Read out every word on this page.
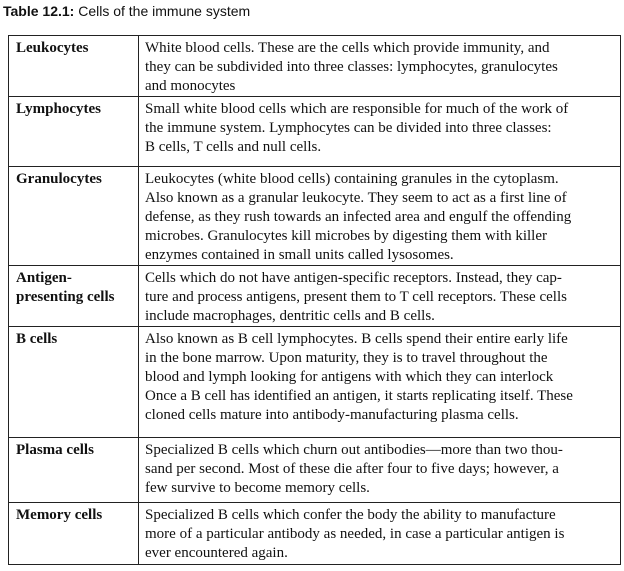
Table 12.1: Cells of the immune system
Leukocytes	White blood cells. These are the cells which provide immunity, and
they can be subdivided into three classes: lymphocytes, granulocytes
and monocytes

Lymphocytes	Small white blood cells which are responsible for much of the work of
the immune system. Lymphocytes can be divided into three classes:
B cells, T cells and null cells.

Granulocytes	Leukocytes (white blood cells) containing granules in the cytoplasm.
Also known as a granular leukocyte. They seem to act as a first line of
defense, as they rush towards an infected area and engulf the offending
microbes. Granulocytes kill microbes by digesting them with killer
enzymes contained in small units called lysosomes.

Antigen-
presenting cells	Cells which do not have antigen-specific receptors. Instead, they cap-
ture and process antigens, present them to T cell receptors. These cells
include macrophages, dentritic cells and B cells.

B cells	Also known as B cell lymphocytes. B cells spend their entire early life
in the bone marrow. Upon maturity, they is to travel throughout the
blood and lymph looking for antigens with which they can interlock
Once a B cell has identified an antigen, it starts replicating itself. These
cloned cells mature into antibody-manufacturing plasma cells.

Plasma cells	Specialized B cells which churn out antibodies—more than two thou-
sand per second. Most of these die after four to five days; however, a
few survive to become memory cells.

Memory cells	Specialized B cells which confer the body the ability to manufacture
more of a particular antibody as needed, in case a particular antigen is
ever encountered again.
